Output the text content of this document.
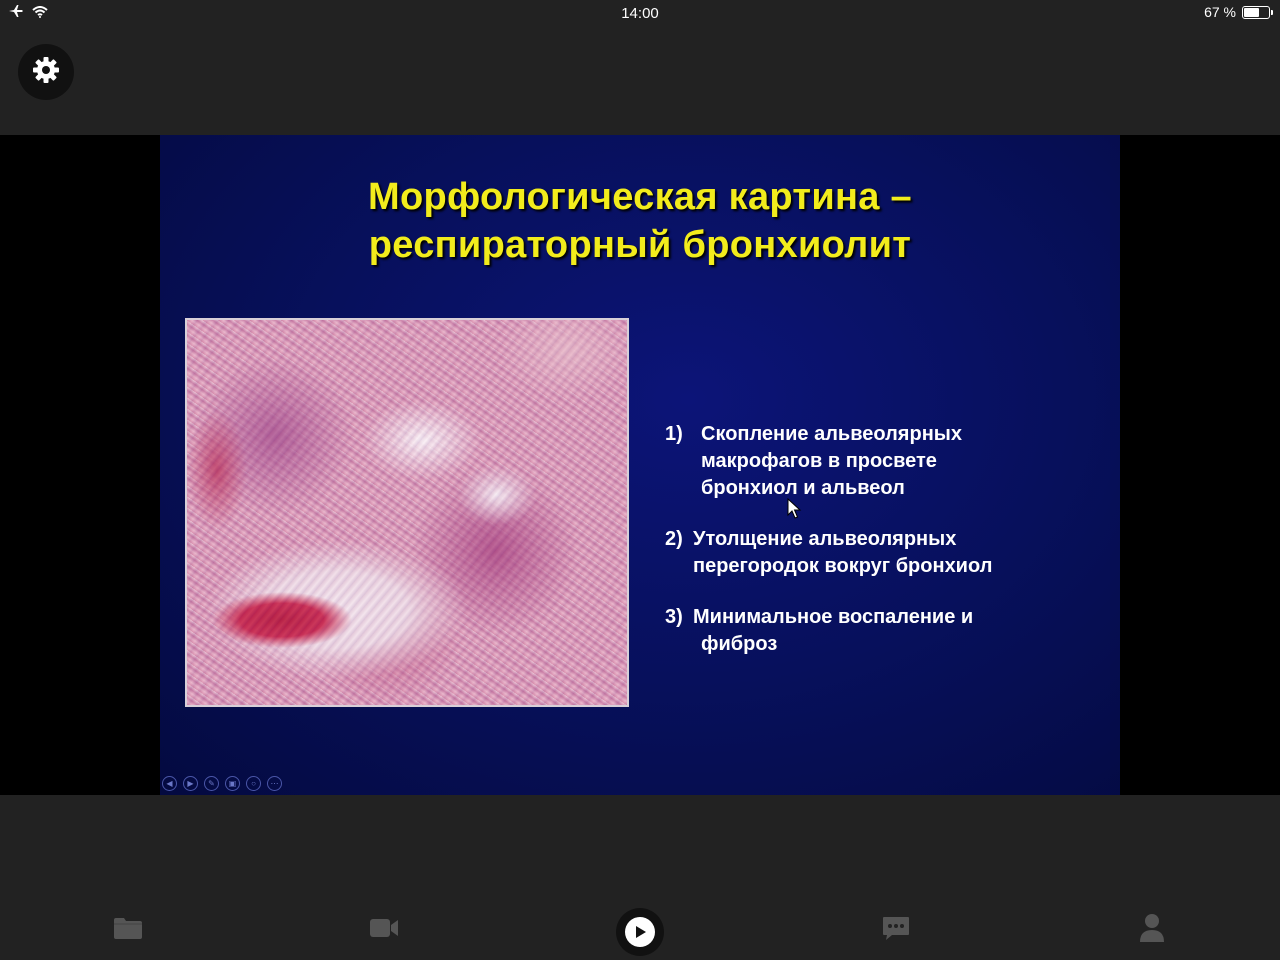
14:00	67 %
Морфологическая картина –
респираторный бронхиолит
1) Скопление альвеолярных
макрофагов в просвете
бронхиол и альвеол
2) Утолщение альвеолярных
перегородок вокруг бронхиол
3) Минимальное воспаление и
фиброз
◀	▶	✎	▣	○	⋯
